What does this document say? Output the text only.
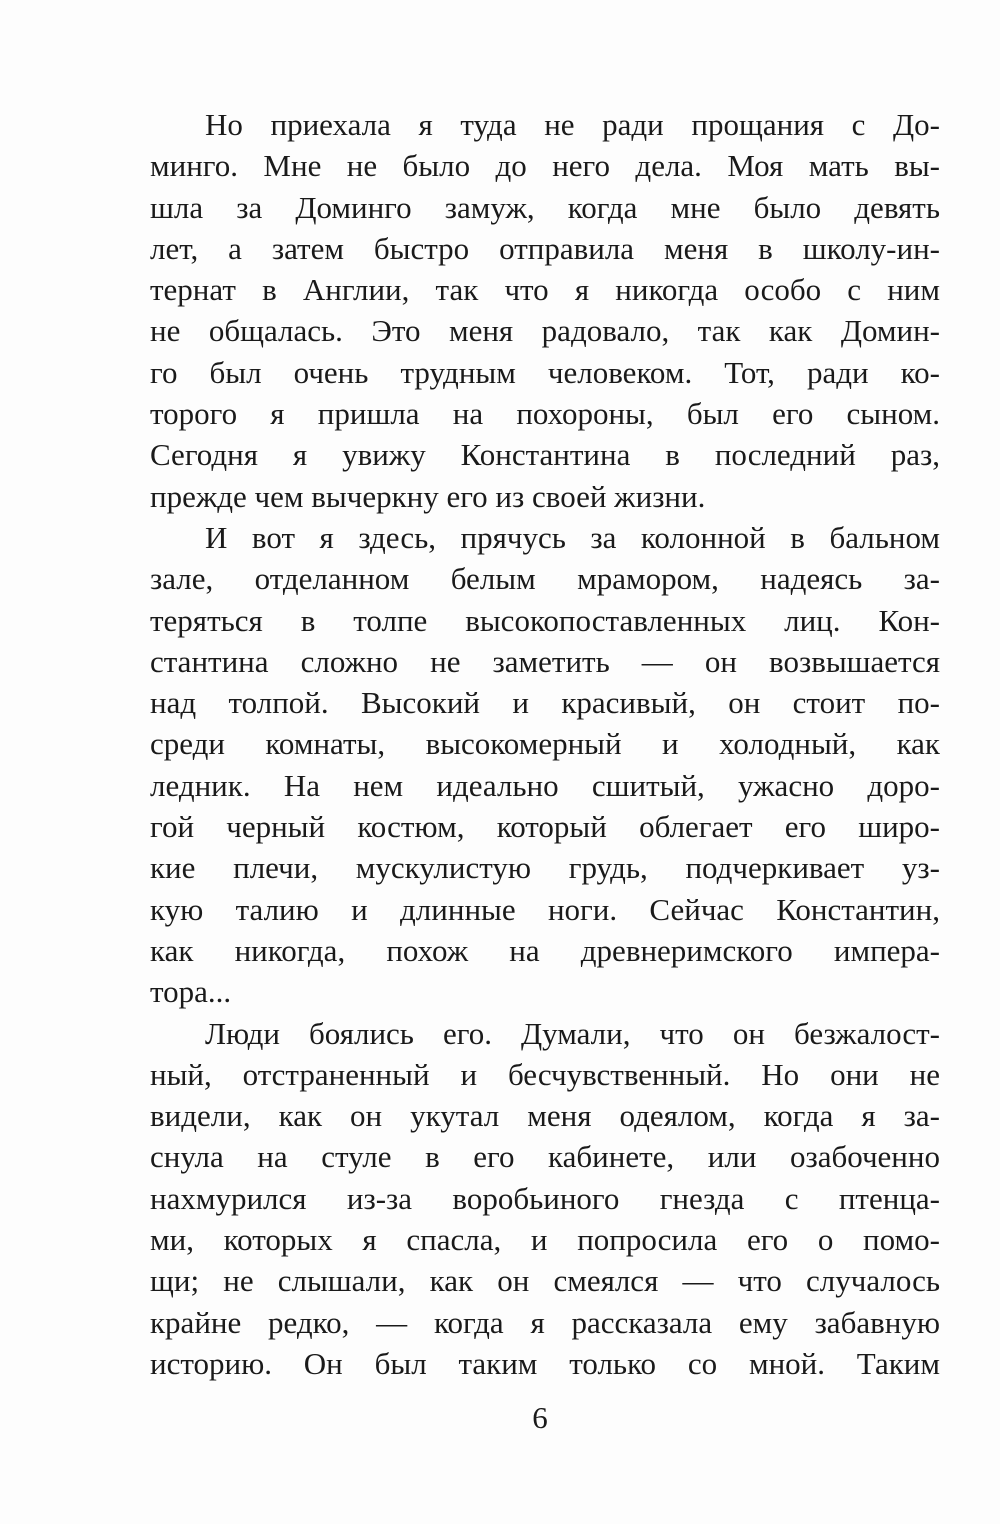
Но приехала я туда не ради прощания с До-
минго. Мне не было до него дела. Моя мать вы-
шла за Доминго замуж, когда мне было девять
лет, а затем быстро отправила меня в школу-ин-
тернат в Англии, так что я никогда особо с ним
не общалась. Это меня радовало, так как Домин-
го был очень трудным человеком. Тот, ради ко-
торого я пришла на похороны, был его сыном.
Сегодня я увижу Константина в последний раз,
прежде чем вычеркну его из своей жизни.
И вот я здесь, прячусь за колонной в бальном
зале, отделанном белым мрамором, надеясь за-
теряться в толпе высокопоставленных лиц. Кон-
стантина сложно не заметить — он возвышается
над толпой. Высокий и красивый, он стоит по-
среди комнаты, высокомерный и холодный, как
ледник. На нем идеально сшитый, ужасно доро-
гой черный костюм, который облегает его широ-
кие плечи, мускулистую грудь, подчеркивает уз-
кую талию и длинные ноги. Сейчас Константин,
как никогда, похож на древнеримского импера-
тора...
Люди боялись его. Думали, что он безжалост-
ный, отстраненный и бесчувственный. Но они не
видели, как он укутал меня одеялом, когда я за-
снула на стуле в его кабинете, или озабоченно
нахмурился из-за воробьиного гнезда с птенца-
ми, которых я спасла, и попросила его о помо-
щи; не слышали, как он смеялся — что случалось
крайне редко, — когда я рассказала ему забавную
историю. Он был таким только со мной. Таким
6
